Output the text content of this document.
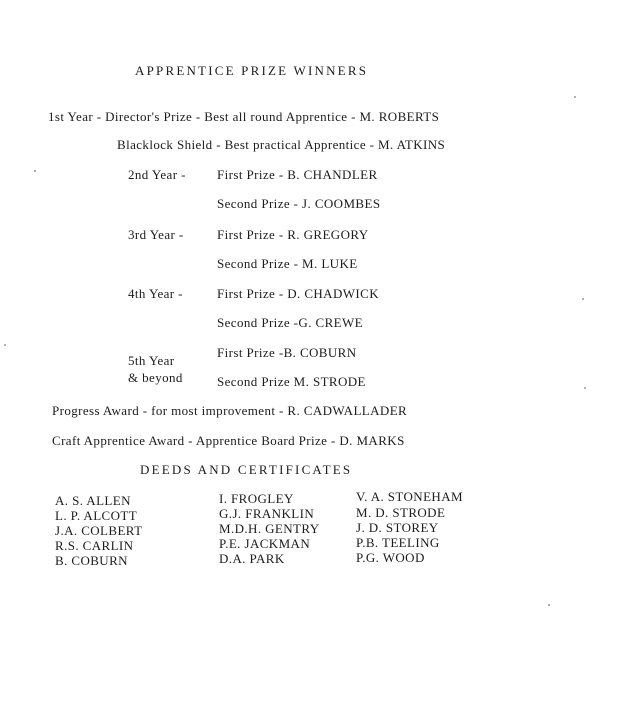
APPRENTICE PRIZE WINNERS
1st Year - Director's Prize - Best all round Apprentice - M. ROBERTS
Blacklock Shield - Best practical Apprentice - M. ATKINS
2nd Year - First Prize - B. CHANDLER
Second Prize - J. COOMBES
3rd Year -	First Prize - R. GREGORY
Second Prize - M. LUKE
4th Year -	First Prize - D. CHADWICK
Second Prize -G. CREWE
5th Year
& beyond
First Prize -B. COBURN
Second Prize M. STRODE
Progress Award - for most improvement - R. CADWALLADER
Craft Apprentice Award - Apprentice Board Prize - D. MARKS
DEEDS AND CERTIFICATES
A. S. ALLEN
L. P. ALCOTT
J.A. COLBERT
R.S. CARLIN
B. COBURN
I. FROGLEY
G.J. FRANKLIN
M.D.H. GENTRY
P.E. JACKMAN
D.A. PARK
V. A. STONEHAM
M. D. STRODE
J. D. STOREY
P.B. TEELING
P.G. WOOD
